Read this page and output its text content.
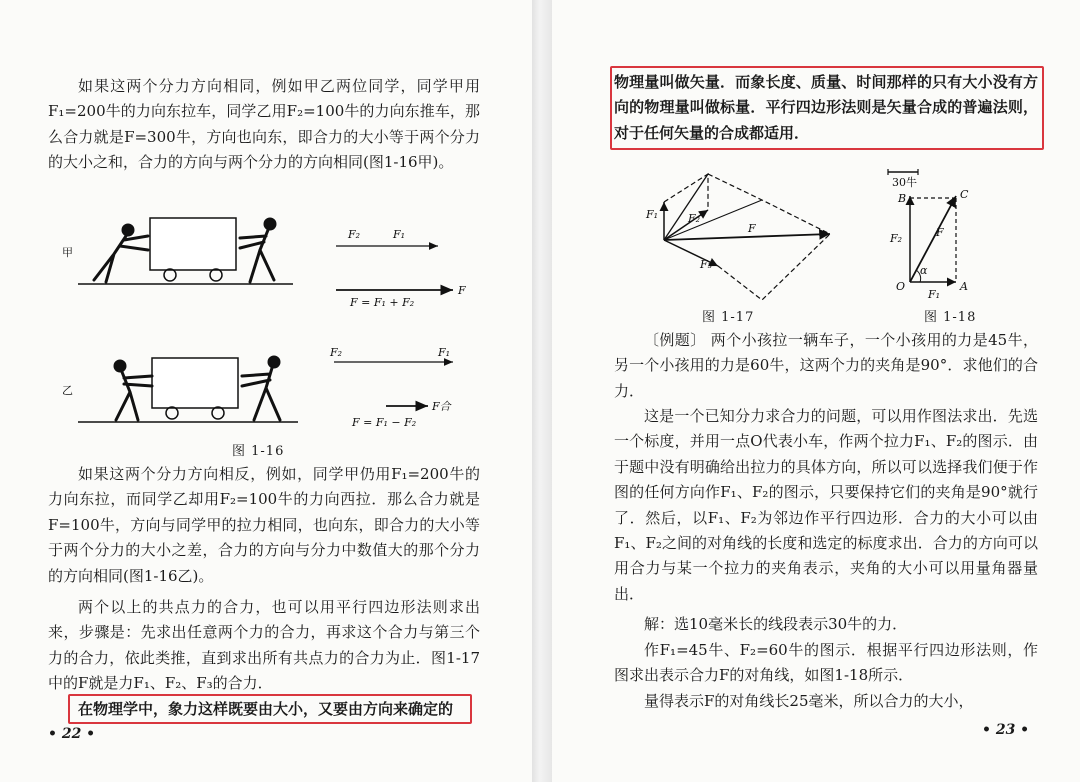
如果这两个分力方向相同，例如甲乙两位同学，同学甲用F₁=200牛的力向东拉车，同学乙用F₂=100牛的力向东推车，那么合力就是F=300牛，方向也向东，即合力的大小等于两个分力的大小之和，合力的方向与两个分力的方向相同(图1-16甲)。

甲
F₂	F₁
F
F = F₁ + F₂
乙
F₂	F₁
F合
F = F₁ − F₂
图 1-16

如果这两个分力方向相反，例如，同学甲仍用F₁=200牛的力向东拉，而同学乙却用F₂=100牛的力向西拉．那么合力就是F=100牛，方向与同学甲的拉力相同，也向东，即合力的大小等于两个分力的大小之差，合力的方向与分力中数值大的那个分力的方向相同(图1-16乙)。

两个以上的共点力的合力，也可以用平行四边形法则求出来，步骤是：先求出任意两个力的合力，再求这个合力与第三个力的合力，依此类推，直到求出所有共点力的合力为止．图1-17中的F就是力F₁、F₂、F₃的合力．

在物理学中，象力这样既要由大小，又要由方向来确定的

• 22 •

物理量叫做矢量．而象长度、质量、时间那样的只有大小没有方向的物理量叫做标量．平行四边形法则是矢量合成的普遍法则，对于任何矢量的合成都适用．

F₁	F₂
F₃
F
图 1-17
30牛
B	C
O	A
F
F₂
F₁
α
图 1-18

〔例题〕 两个小孩拉一辆车子，一个小孩用的力是45牛，另一个小孩用的力是60牛，这两个力的夹角是90°．求他们的合力．

这是一个已知分力求合力的问题，可以用作图法求出．先选一个标度，并用一点O代表小车，作两个拉力F₁、F₂的图示．由于题中没有明确给出拉力的具体方向，所以可以选择我们便于作图的任何方向作F₁、F₂的图示，只要保持它们的夹角是90°就行了．然后，以F₁、F₂为邻边作平行四边形．合力的大小可以由F₁、F₂之间的对角线的长度和选定的标度求出．合力的方向可以用合力与某一个拉力的夹角表示，夹角的大小可以用量角器量出．

解：选10毫米长的线段表示30牛的力．

作F₁=45牛、F₂=60牛的图示．根据平行四边形法则，作图求出表示合力F的对角线，如图1-18所示．

量得表示F的对角线长25毫米，所以合力的大小，

• 23 •
